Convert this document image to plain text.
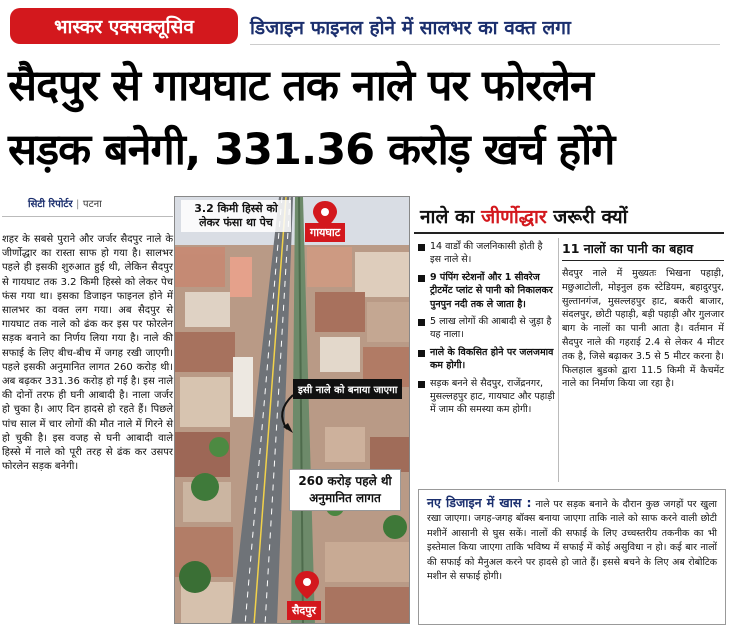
भास्कर एक्सक्लूसिव	डिजाइन फाइनल होने में सालभर का वक्त लगा
सैदपुर से गायघाट तक नाले पर फोरलेन
सड़क बनेगी, 331.36 करोड़ खर्च होंगे
सिटी रिपोर्टर | पटना

शहर के सबसे पुराने और जर्जर सैदपुर नाले के जीर्णोद्धार का रास्ता साफ हो गया है। सालभर पहले ही इसकी शुरुआत हुई थी, लेकिन सैदपुर से गायघाट तक 3.2 किमी हिस्से को लेकर पेच फंस गया था। इसका डिजाइन फाइनल होने में सालभर का वक्त लग गया। अब सैदपुर से गायघाट तक नाले को ढंक कर इस पर फोरलेन सड़क बनाने का निर्णय लिया गया है। नाले की सफाई के लिए बीच-बीच में जगह रखी जाएगी। पहले इसकी अनुमानित लागत 260 करोड़ थी। अब बढ़कर 331.36 करोड़ हो गई है। इस नाले की दोनों तरफ ही घनी आबादी है। नाला जर्जर हो चुका है। आए दिन हादसे हो रहते हैं। पिछले पांच साल में चार लोगों की मौत नाले में गिरने से हो चुकी है। इस वजह से घनी आबादी वाले हिस्से में नाले को पूरी तरह से ढंक कर उसपर फोरलेन सड़क बनेगी।

3.2 किमी हिस्से को लेकर फंसा था पेच
गायघाट
इसी नाले को बनाया जाएगा
260 करोड़ पहले थी अनुमानित लागत
सैदपुर
नाले का जीर्णोद्धार जरूरी क्यों
14 वार्डों की जलनिकासी होती है इस नाले से।
9 पंपिंग स्टेशनों और 1 सीवरेज ट्रीटमेंट प्लांट से पानी को निकालकर पुनपुन नदी तक ले जाता है।
5 लाख लोगों की आबादी से जुड़ा है यह नाला।
नाले के विकसित होने पर जलजमाव कम होगी।
सड़क बनने से सैदपुर, राजेंद्रनगर, मुसल्लहपुर हाट, गायघाट और पहाड़ी में जाम की समस्या कम होगी।
11 नालों का पानी का बहाव

सैदपुर नाले में मुख्यतः भिखना पहाड़ी, मछुआटोली, मोइनुल हक स्टेडियम, बहादुरपुर, सुल्तानगंज, मुसल्लहपुर हाट, बकरी बाजार, संदलपुर, छोटी पहाड़ी, बड़ी पहाड़ी और गुलजार बाग के नालों का पानी आता है। वर्तमान में सैदपुर नाले की गहराई 2.4 से लेकर 4 मीटर तक है, जिसे बढ़ाकर 3.5 से 5 मीटर करना है। फिलहाल बुडको द्वारा 11.5 किमी में कैचमेंट नाले का निर्माण किया जा रहा है।

नए डिजाइन में खास : नाले पर सड़क बनाने के दौरान कुछ जगहों पर खुला रखा जाएगा। जगह-जगह बॉक्स बनाया जाएगा ताकि नाले को साफ करने वाली छोटी मशीनें आसानी से घुस सकें। नालों की सफाई के लिए उच्चस्तरीय तकनीक का भी इस्तेमाल किया जाएगा ताकि भविष्य में सफाई में कोई असुविधा न हो। कई बार नालों की सफाई को मैनुअल करने पर हादसे हो जाते हैं। इससे बचने के लिए अब रोबोटिक मशीन से सफाई होगी।
